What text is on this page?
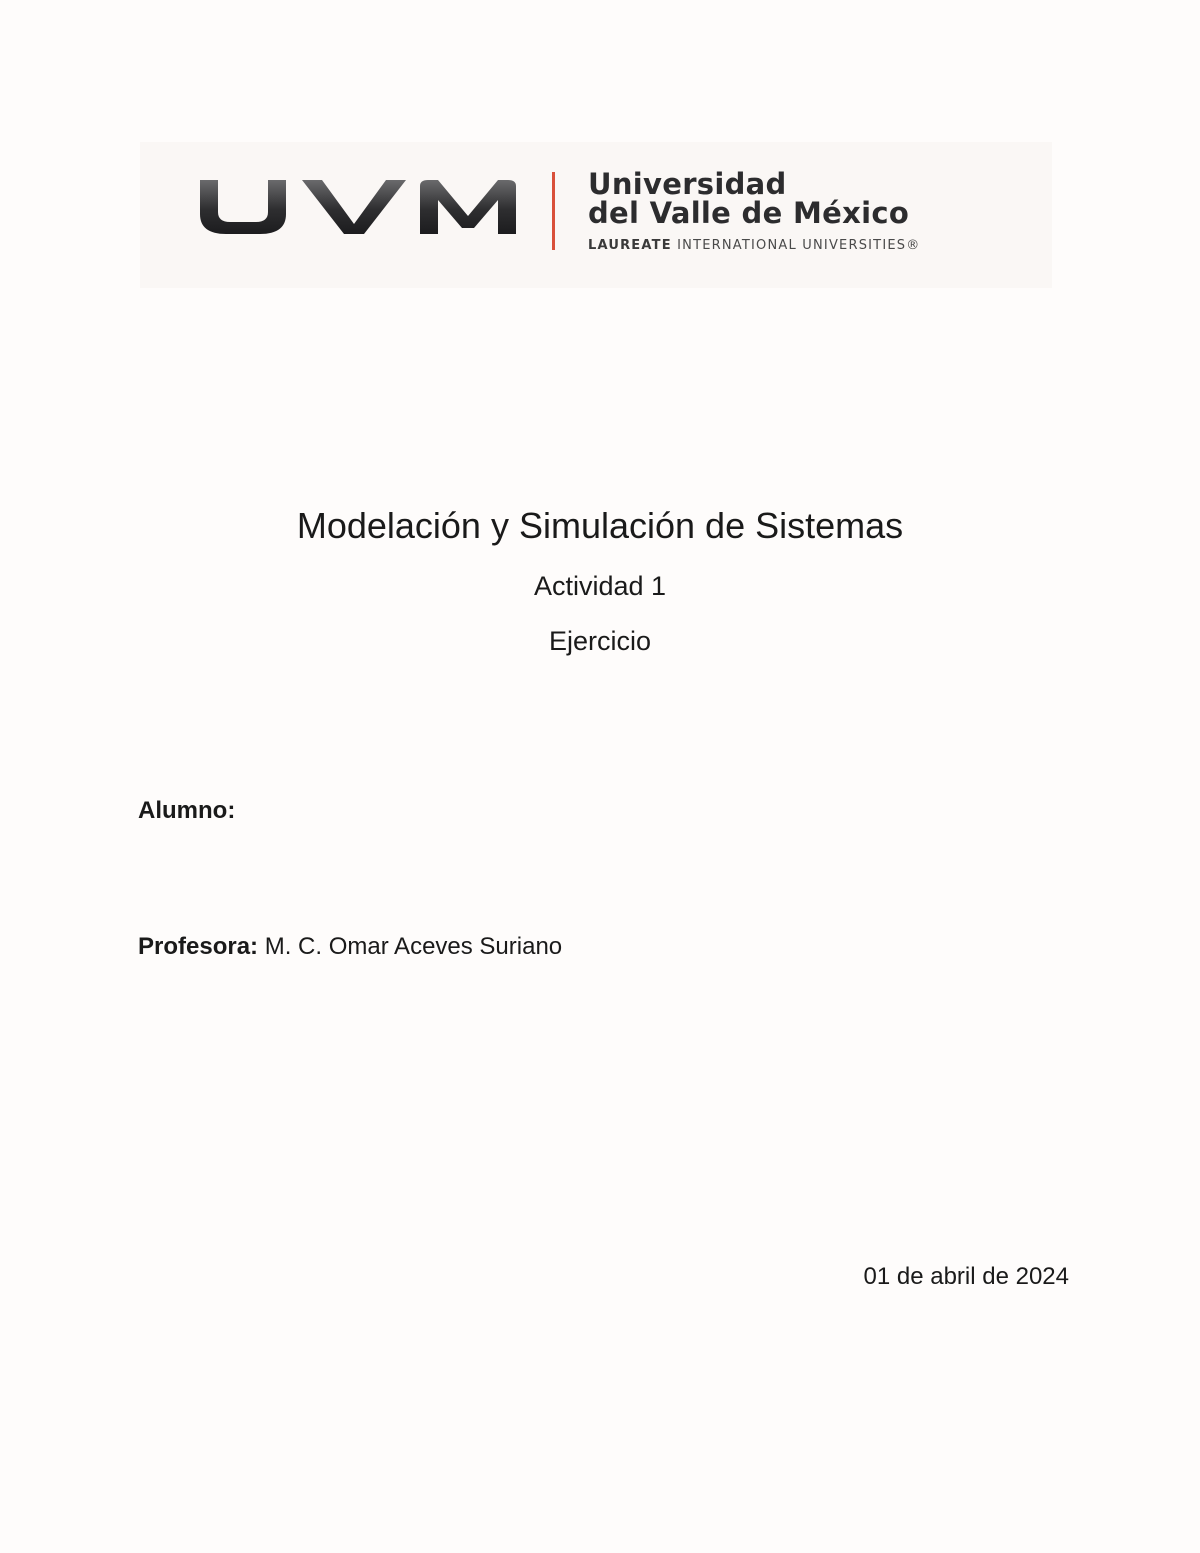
Universidad
del Valle de México
LAUREATE INTERNATIONAL UNIVERSITIES®
Modelación y Simulación de Sistemas
Actividad 1
Ejercicio
Alumno:
Profesora: M. C. Omar Aceves Suriano
01 de abril de 2024
